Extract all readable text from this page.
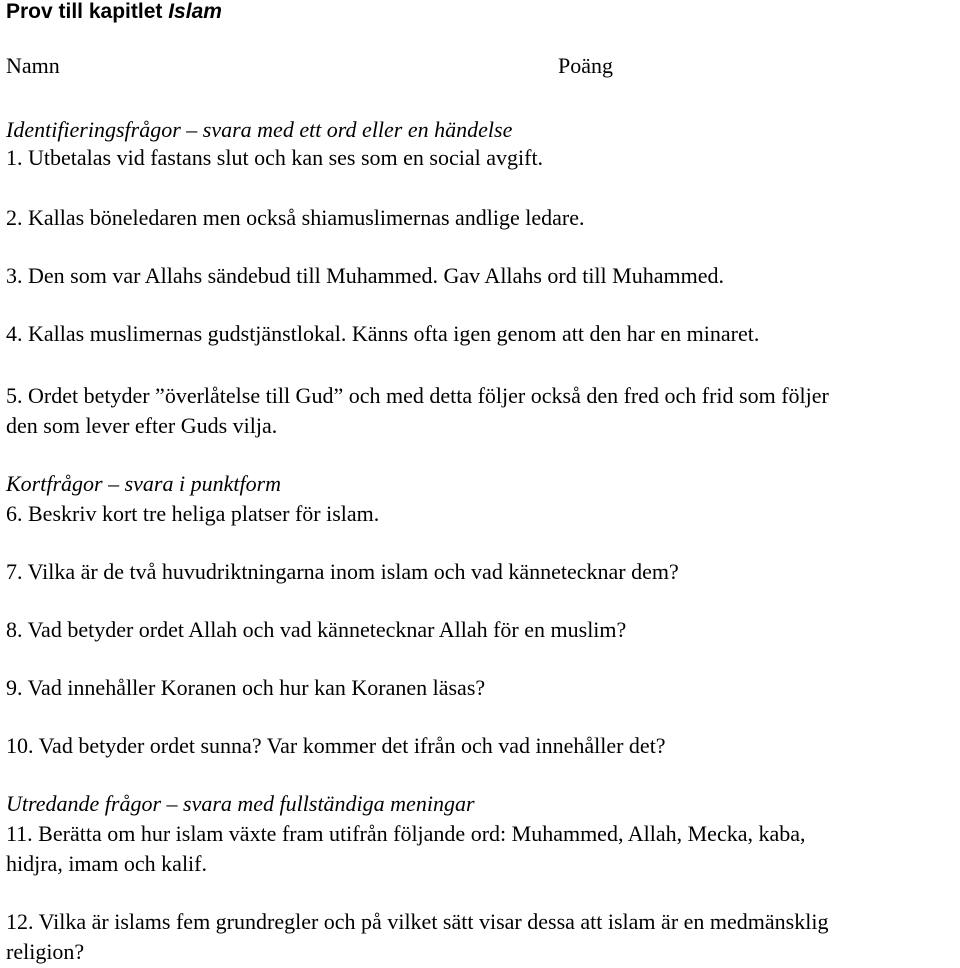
Prov till kapitlet Islam
Namn	Poäng
Identifieringsfrågor – svara med ett ord eller en händelse
1. Utbetalas vid fastans slut och kan ses som en social avgift.
2. Kallas böneledaren men också shiamuslimernas andlige ledare.
3. Den som var Allahs sändebud till Muhammed. Gav Allahs ord till Muhammed.
4. Kallas muslimernas gudstjänstlokal. Känns ofta igen genom att den har en minaret.
5. Ordet betyder ”överlåtelse till Gud” och med detta följer också den fred och frid som följer
den som lever efter Guds vilja.
Kortfrågor – svara i punktform
6. Beskriv kort tre heliga platser för islam.
7. Vilka är de två huvudriktningarna inom islam och vad kännetecknar dem?
8. Vad betyder ordet Allah och vad kännetecknar Allah för en muslim?
9. Vad innehåller Koranen och hur kan Koranen läsas?
10. Vad betyder ordet sunna? Var kommer det ifrån och vad innehåller det?
Utredande frågor – svara med fullständiga meningar
11. Berätta om hur islam växte fram utifrån följande ord: Muhammed, Allah, Mecka, kaba,
hidjra, imam och kalif.
12. Vilka är islams fem grundregler och på vilket sätt visar dessa att islam är en medmänsklig
religion?
